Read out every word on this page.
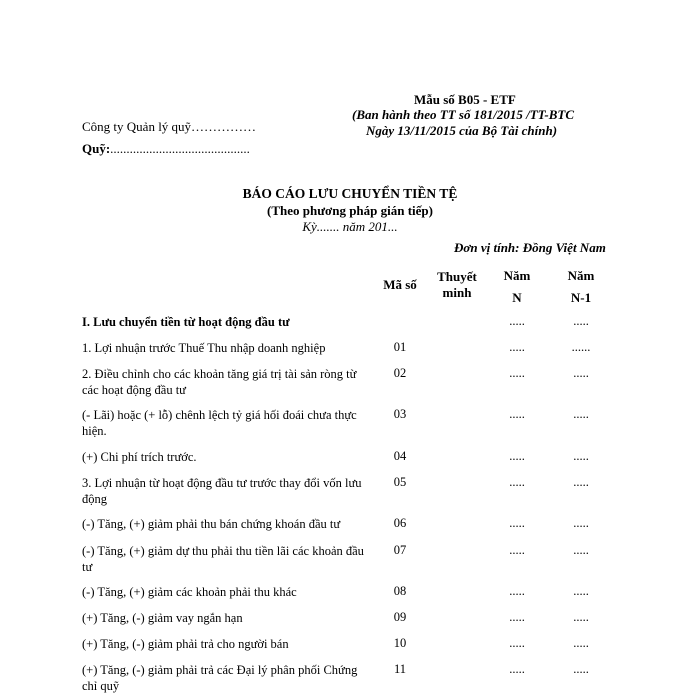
Mẫu số B05 - ETF
(Ban hành theo TT số 181/2015 /TT-BTC
Ngày 13/11/2015 của Bộ Tài chính)
Công ty Quản lý quỹ……………
Quỹ:...........................................
BÁO CÁO LƯU CHUYỂN TIỀN TỆ
(Theo phương pháp gián tiếp)
Kỳ....... năm 201...
Đơn vị tính: Đồng Việt Nam
Mã số
Thuyết
minh
Năm
N
Năm
N-1
I. Lưu chuyển tiền từ hoạt động đầu tư	.....	.....
1. Lợi nhuận trước Thuế Thu nhập doanh nghiệp	01	.....	......
2. Điều chỉnh cho các khoản tăng giá trị tài sản ròng từ các hoạt động đầu tư
02	.....	.....
(- Lãi) hoặc (+ lỗ) chênh lệch tỷ giá hối đoái chưa thực hiện.
03	.....	.....
(+) Chi phí trích trước.	04	.....	.....
3. Lợi nhuận từ hoạt động đầu tư trước thay đổi vốn lưu động
05	.....	.....
(-) Tăng, (+) giảm phải thu bán chứng khoán đầu tư	06	.....	.....
(-) Tăng, (+) giảm dự thu phải thu tiền lãi các khoản đầu tư
07	.....	.....
(-) Tăng, (+) giảm các khoản phải thu khác	08	.....	.....
(+) Tăng, (-) giảm vay ngắn hạn	09	.....	.....
(+) Tăng, (-) giảm phải trả cho người bán	10	.....	.....
(+) Tăng, (-) giảm phải trả các Đại lý phân phối Chứng chỉ quỹ
11	.....	.....
